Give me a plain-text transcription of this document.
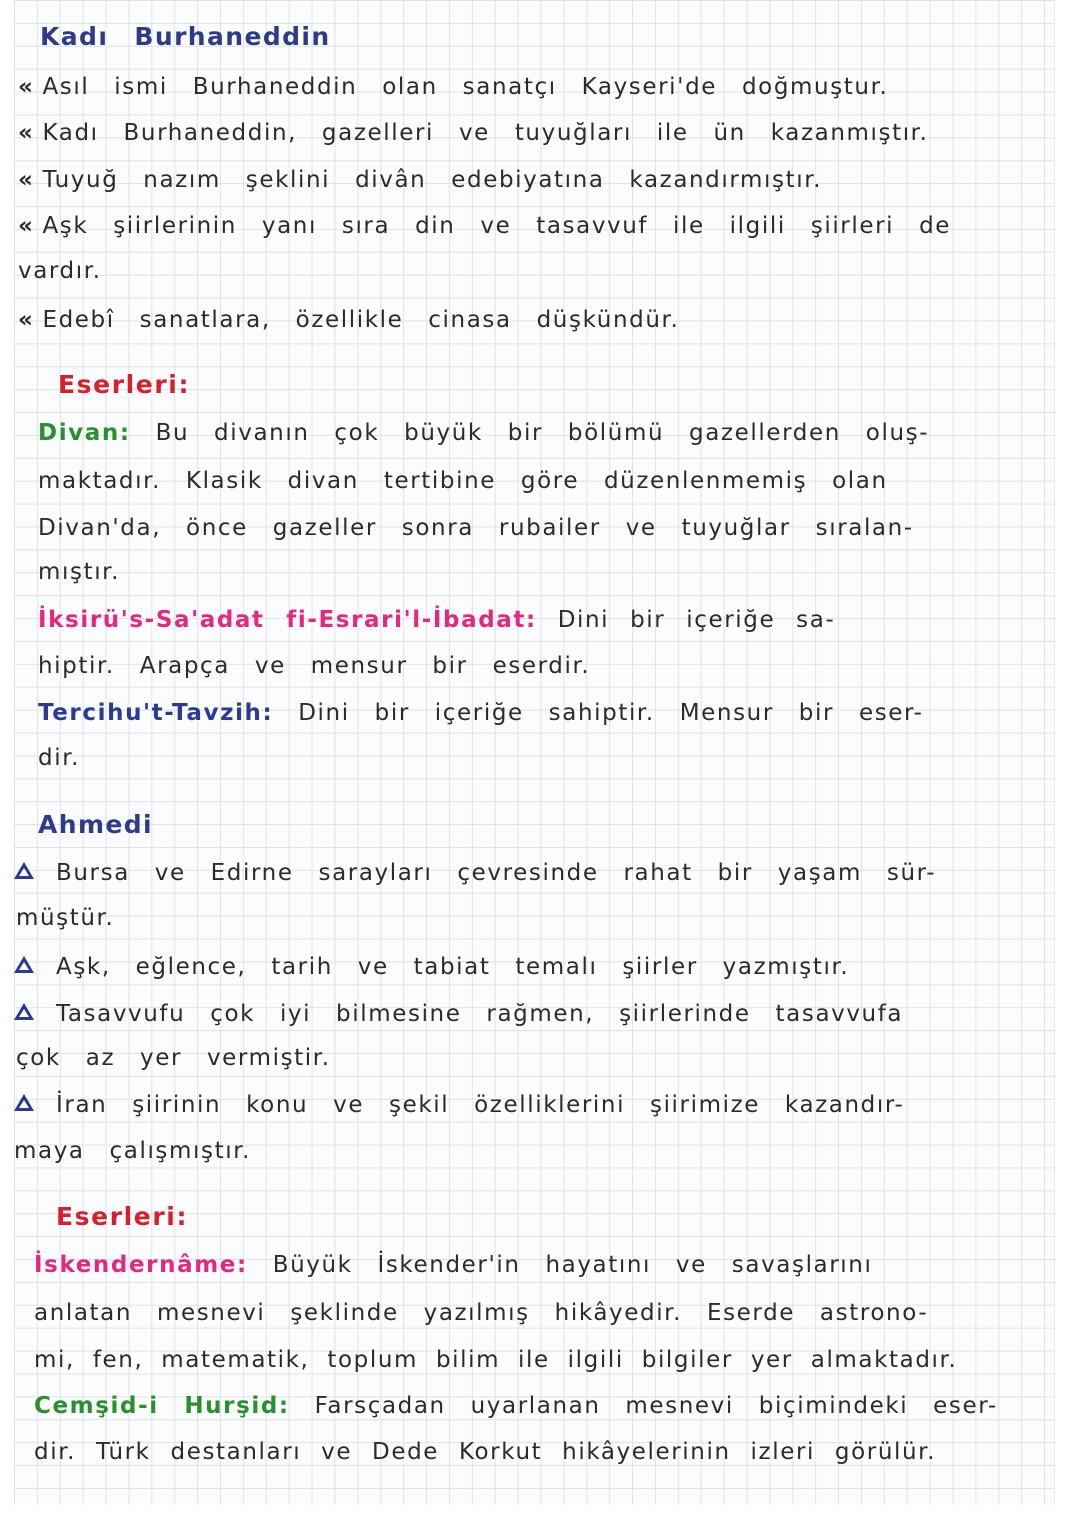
Kadı Burhaneddin
« Asıl ismi Burhaneddin olan sanatçı Kayseri'de doğmuştur.
« Kadı Burhaneddin, gazelleri ve tuyuğları ile ün kazanmıştır.
« Tuyuğ nazım şeklini divân edebiyatına kazandırmıştır.
« Aşk şiirlerinin yanı sıra din ve tasavvuf ile ilgili şiirleri de
vardır.
« Edebî sanatlara, özellikle cinasa düşkündür.
Eserleri:
Divan: Bu divanın çok büyük bir bölümü gazellerden oluş-
maktadır. Klasik divan tertibine göre düzenlenmemiş olan
Divan'da, önce gazeller sonra rubailer ve tuyuğlar sıralan-
mıştır.
İksirü's-Sa'adat fi-Esrari'l-İbadat: Dini bir içeriğe sa-
hiptir. Arapça ve mensur bir eserdir.
Tercihu't-Tavzih: Dini bir içeriğe sahiptir. Mensur bir eser-
dir.
Ahmedi
Bursa ve Edirne sarayları çevresinde rahat bir yaşam sür-
müştür.
Aşk, eğlence, tarih ve tabiat temalı şiirler yazmıştır.
Tasavvufu çok iyi bilmesine rağmen, şiirlerinde tasavvufa
çok az yer vermiştir.
İran şiirinin konu ve şekil özelliklerini şiirimize kazandır-
maya çalışmıştır.
Eserleri:
İskendernâme: Büyük İskender'in hayatını ve savaşlarını
anlatan mesnevi şeklinde yazılmış hikâyedir. Eserde astrono-
mi, fen, matematik, toplum bilim ile ilgili bilgiler yer almaktadır.
Cemşid-i Hurşid: Farsçadan uyarlanan mesnevi biçimindeki eser-
dir. Türk destanları ve Dede Korkut hikâyelerinin izleri görülür.
